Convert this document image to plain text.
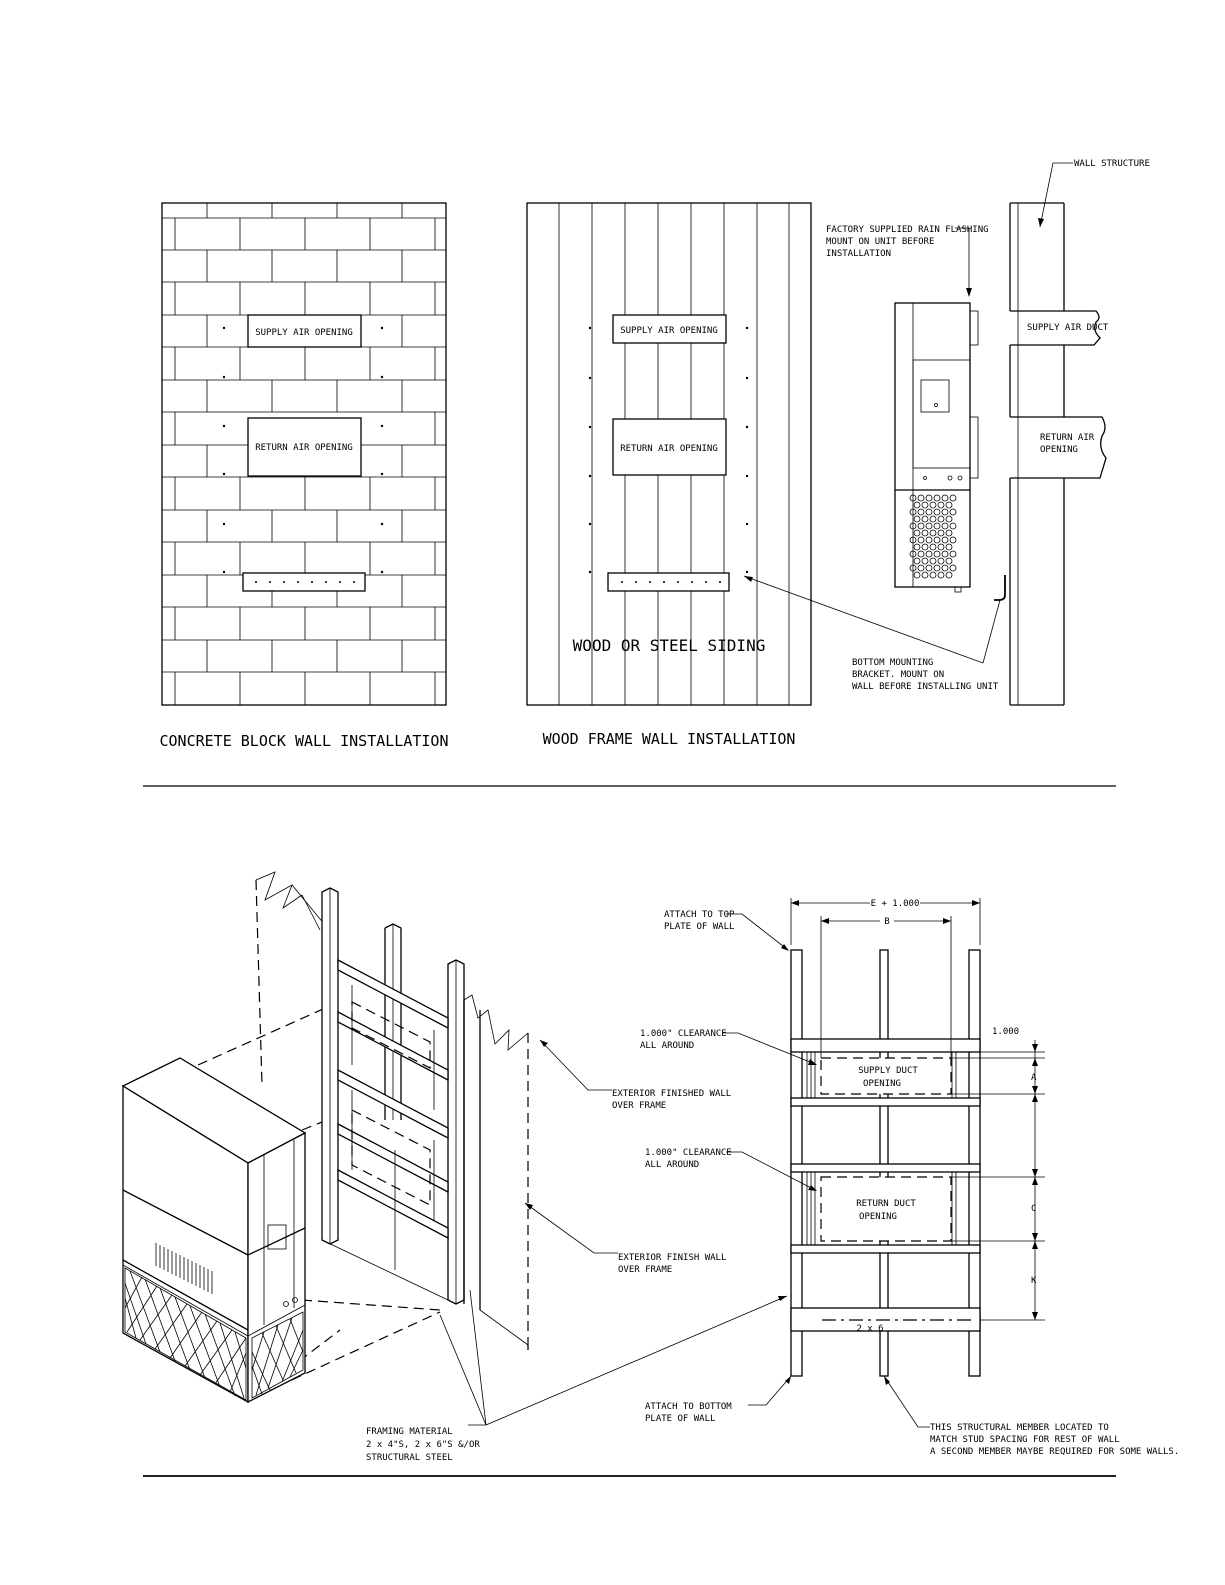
SUPPLY AIR OPENING
RETURN AIR OPENING
CONCRETE BLOCK WALL INSTALLATION
SUPPLY AIR OPENING
RETURN AIR OPENING
WOOD OR STEEL SIDING
WOOD FRAME WALL INSTALLATION
WALL STRUCTURE
FACTORY SUPPLIED RAIN FLASHING
MOUNT ON UNIT BEFORE
INSTALLATION
SUPPLY AIR DUCT
RETURN AIR
OPENING
BOTTOM MOUNTING
BRACKET. MOUNT ON
WALL BEFORE INSTALLING UNIT
EXTERIOR FINISHED WALL
OVER FRAME
EXTERIOR FINISH WALL
OVER FRAME
FRAMING MATERIAL
2 x 4"S, 2 x 6"S &/OR
STRUCTURAL STEEL
E + 1.000
B
1.000
A
C
K
ATTACH TO TOP
PLATE OF WALL
1.000" CLEARANCE
ALL AROUND
1.000" CLEARANCE
ALL AROUND
SUPPLY DUCT
OPENING
RETURN DUCT
OPENING
2 x 6
ATTACH TO BOTTOM
PLATE OF WALL
THIS STRUCTURAL MEMBER LOCATED TO
MATCH STUD SPACING FOR REST OF WALL
A SECOND MEMBER MAYBE REQUIRED FOR SOME WALLS.
